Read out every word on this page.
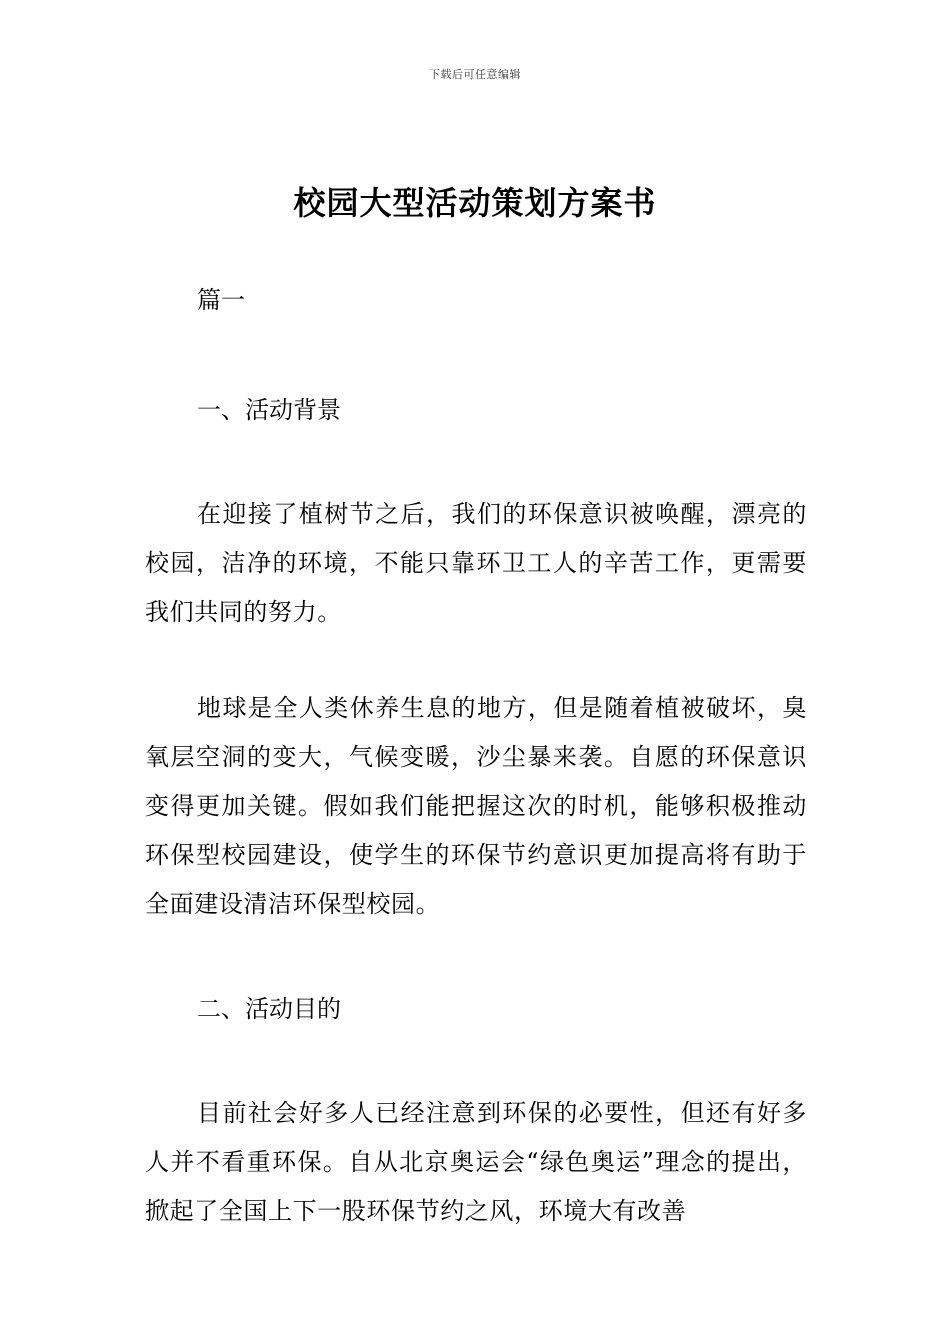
下载后可任意编辑
校园大型活动策划方案书

篇一

一、活动背景

在迎接了植树节之后，我们的环保意识被唤醒，漂亮的校园，洁净的环境，不能只靠环卫工人的辛苦工作，更需要我们共同的努力。

地球是全人类休养生息的地方，但是随着植被破坏，臭氧层空洞的变大，气候变暖，沙尘暴来袭。自愿的环保意识变得更加关键。假如我们能把握这次的时机，能够积极推动环保型校园建设，使学生的环保节约意识更加提高将有助于全面建设清洁环保型校园。

二、活动目的

目前社会好多人已经注意到环保的必要性，但还有好多人并不看重环保。自从北京奥运会“绿色奥运”理念的提出，掀起了全国上下一股环保节约之风，环境大有改善
